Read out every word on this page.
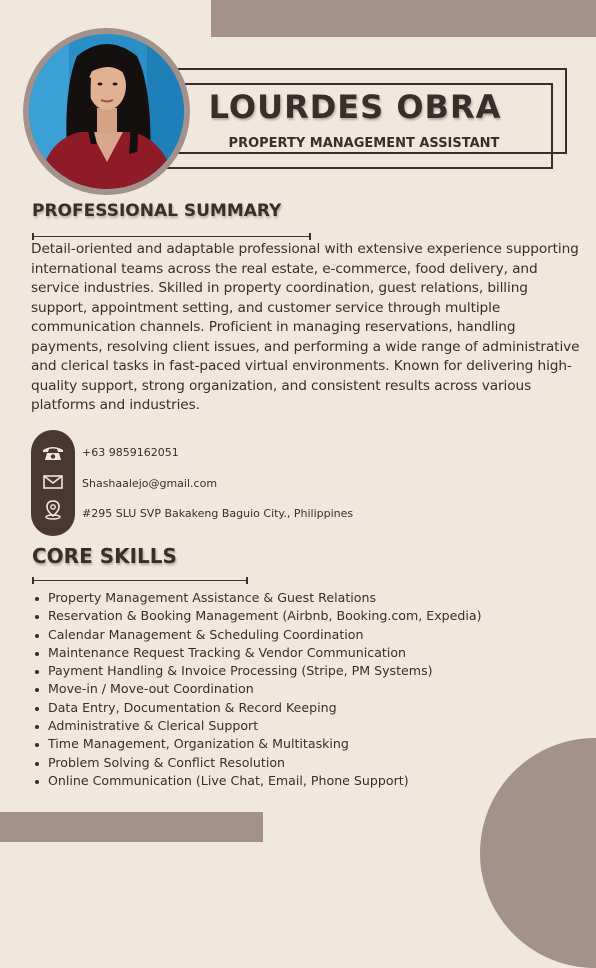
LOURDES OBRA
PROPERTY MANAGEMENT ASSISTANT
PROFESSIONAL SUMMARY
Detail-oriented and adaptable professional with extensive experience supporting international teams across the real estate, e-commerce, food delivery, and service industries. Skilled in property coordination, guest relations, billing support, appointment setting, and customer service through multiple communication channels. Proficient in managing reservations, handling payments, resolving client issues, and performing a wide range of administrative and clerical tasks in fast-paced virtual environments. Known for delivering high-quality support, strong organization, and consistent results across various platforms and industries.
+63 9859162051
Shashaalejo@gmail.com
#295 SLU SVP Bakakeng Baguio City., Philippines
CORE SKILLS
Property Management Assistance & Guest Relations
Reservation & Booking Management (Airbnb, Booking.com, Expedia)
Calendar Management & Scheduling Coordination
Maintenance Request Tracking & Vendor Communication
Payment Handling & Invoice Processing (Stripe, PM Systems)
Move-in / Move-out Coordination
Data Entry, Documentation & Record Keeping
Administrative & Clerical Support
Time Management, Organization & Multitasking
Problem Solving & Conflict Resolution
Online Communication (Live Chat, Email, Phone Support)
